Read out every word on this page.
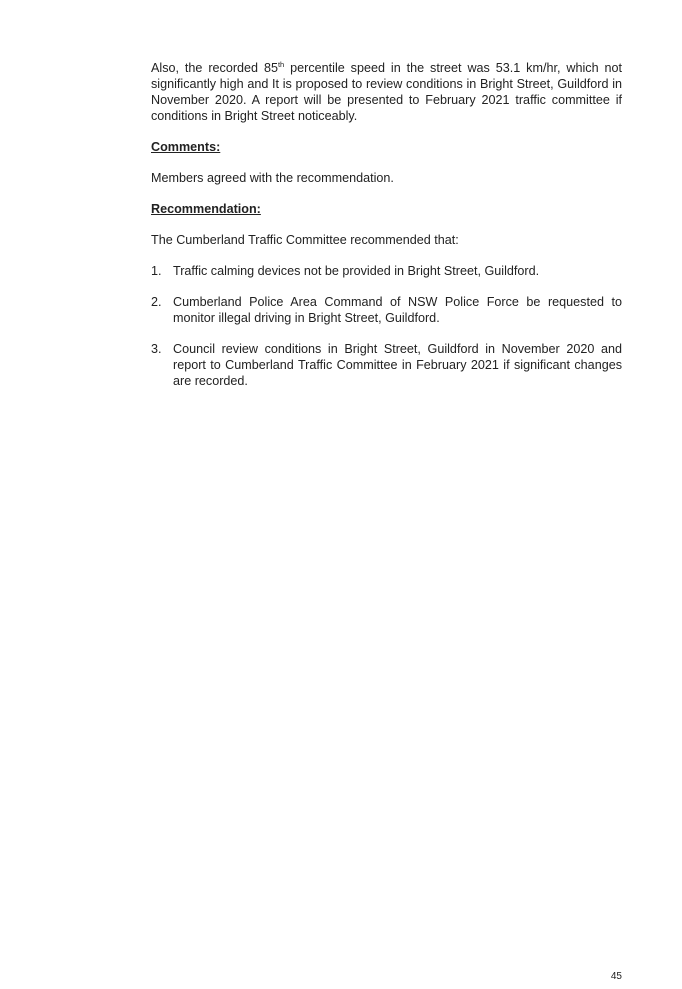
Also, the recorded 85th percentile speed in the street was 53.1 km/hr, which not significantly high and It is proposed to review conditions in Bright Street, Guildford in November 2020. A report will be presented to February 2021 traffic committee if conditions in Bright Street noticeably.

Comments:

Members agreed with the recommendation.

Recommendation:

The Cumberland Traffic Committee recommended that:

1. Traffic calming devices not be provided in Bright Street, Guildford.
2. Cumberland Police Area Command of NSW Police Force be requested to monitor illegal driving in Bright Street, Guildford.
3. Council review conditions in Bright Street, Guildford in November 2020 and report to Cumberland Traffic Committee in February 2021 if significant changes are recorded.
45
